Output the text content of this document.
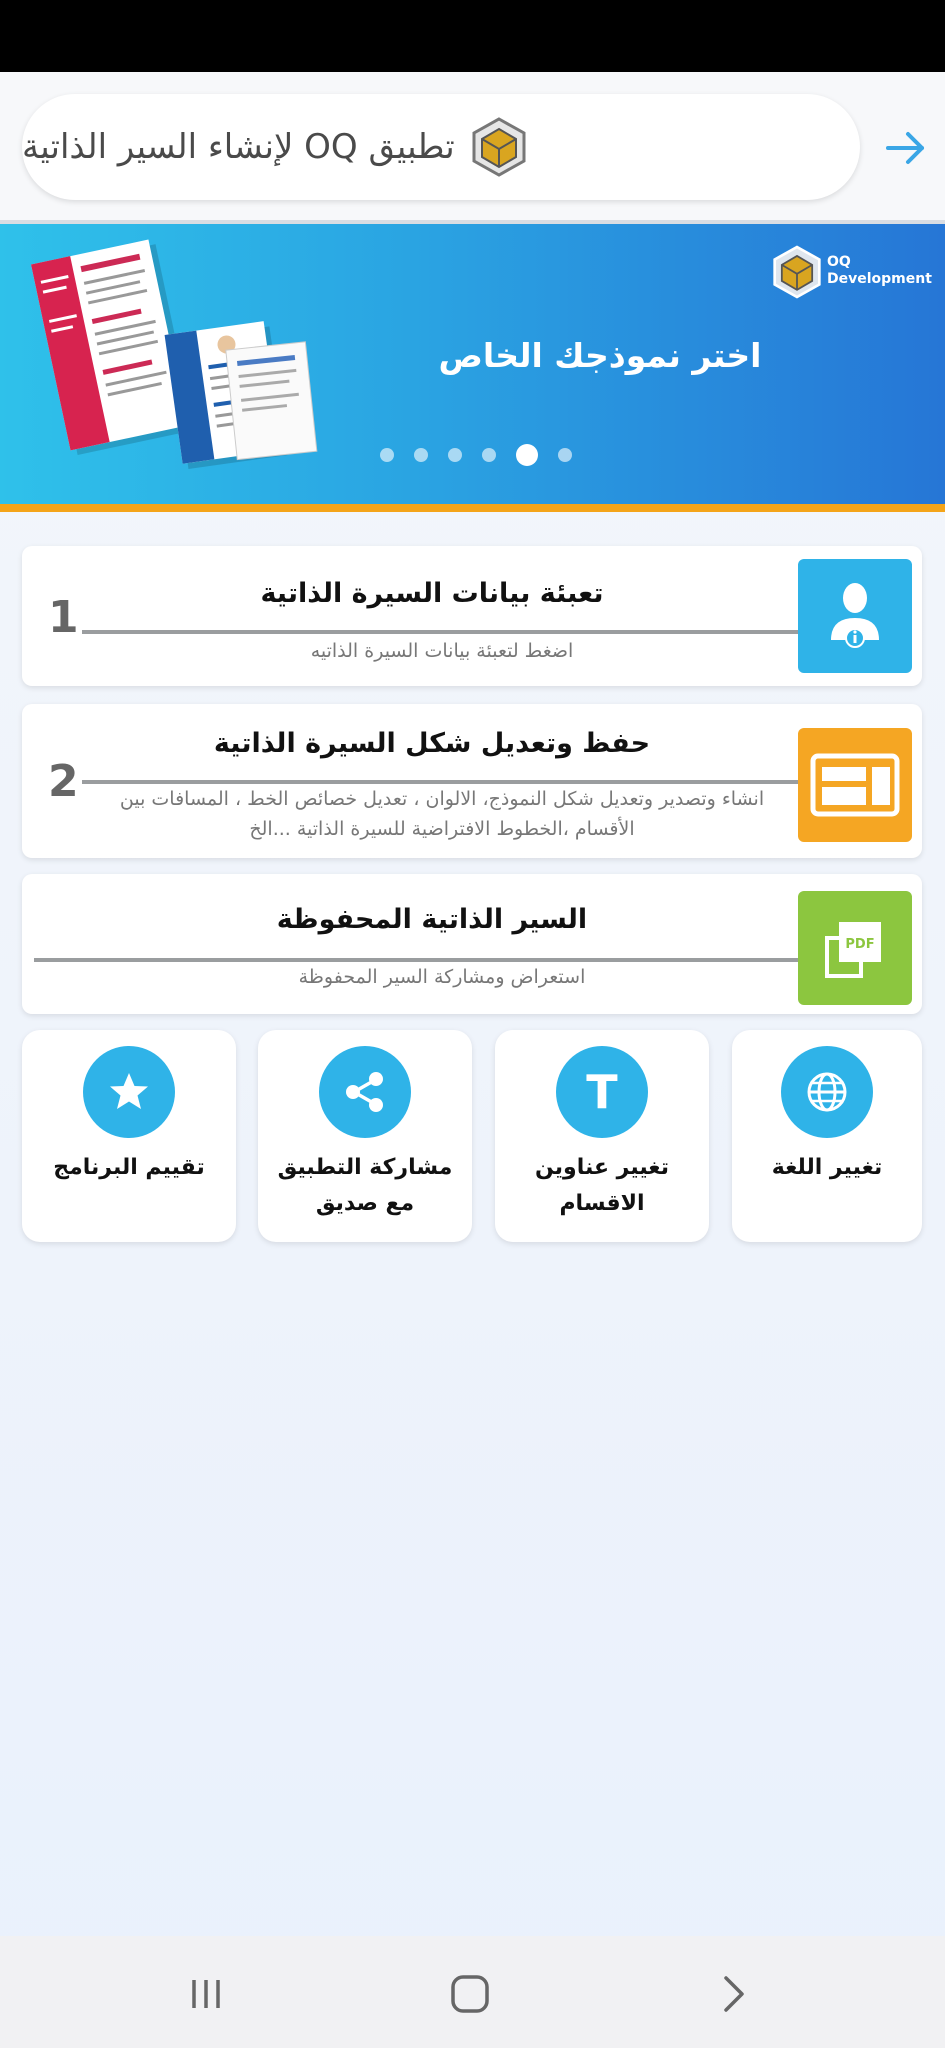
تطبيق OQ لإنشاء السير الذاتية
OQ
Development
اختر نموذجك الخاص
تعبئة بيانات السيرة الذاتية
1
اضغط لتعبئة بيانات السيرة الذاتيه
حفظ وتعديل شكل السيرة الذاتية
2	انشاء وتصدير وتعديل شكل النموذج، الالوان ، تعديل خصائص الخط ، المسافات بين
الأقسام ،الخطوط الافتراضية للسيرة الذاتية ...الخ
PDF
السير الذاتية المحفوظة
استعراض ومشاركة السير المحفوظة
تغيير اللغة
T
تغيير عناوين
الاقسام
مشاركة التطبيق
مع صديق
تقييم البرنامج
